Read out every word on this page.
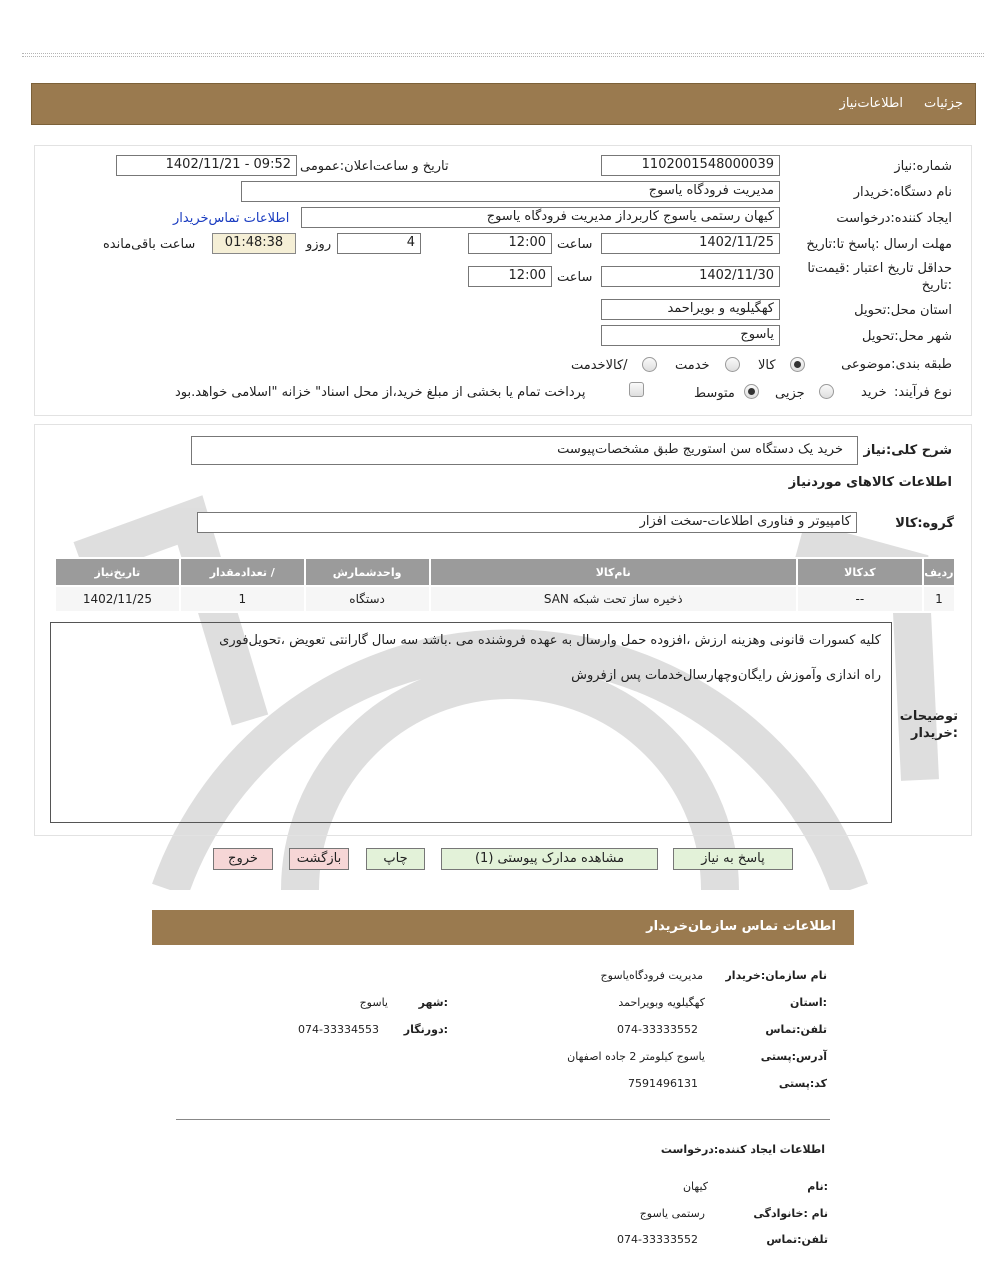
جزئیات
اطلاعات‌نیاز
شماره:نیاز
1102001548000039
تاریخ و ساعت‌اعلان:عمومی
1402/11/21 - 09:52
نام دستگاه:خریدار
مدیریت فرودگاه یاسوج
ایجاد کننده:درخواست
کیهان رستمی یاسوج کاربرداز مدیریت فرودگاه یاسوج
اطلاعات تماس‌خریدار
مهلت ارسال :پاسخ تا:تاریخ
1402/11/25
ساعت
12:00
4
روزو
01:48:38
ساعت باقی‌مانده
حداقل تاریخ اعتبار :قیمت‌تا :تاریخ
1402/11/30
ساعت
12:00
استان محل:تحویل
کهگیلویه و بویراحمد
شهر محل:تحویل
یاسوج
طبقه بندی:موضوعی
کالا
خدمت
/کالاخدمت
نوع فرآیند:
خرید
جزیی
متوسط
پرداخت تمام یا بخشی از مبلغ خرید،از محل اسناد" خزانه "اسلامی خواهد.بود
شرح کلی:نیاز
خرید یک دستگاه سن استوریج طبق مشخصات‌پیوست
اطلاعات کالاهای موردنیاز
گروه:کالا
کامپیوتر و فناوری اطلاعات-سخت افزار
ردیف	کدکالا	نام‌کالا	واحدشمارش	/ تعدادمقدار	تاریخ‌نیاز
1	--	ذخیره ساز تحت شبکه SAN	دستگاه	1	1402/11/25
کلیه کسورات قانونی وهزینه ارزش ،افزوده حمل وارسال به عهده فروشنده می .باشد سه سال گارانتی تعویض ،تحویل‌فوری
راه اندازی وآموزش رایگان‌وچهارسال‌خدمات پس ازفروش
توضیحات :خریدار
پاسخ به نیاز
مشاهده مدارک پیوستی (1)
چاپ
بازگشت
خروج
اطلاعات تماس سازمان‌خریدار
نام سازمان:خریدار
مدیریت فرودگاه‌یاسوج
:استان
کهگیلویه وبویراحمد
:شهر
یاسوج
تلفن:تماس
074-33333552
:دورنگار
074-33334553
آدرس:پستی
یاسوج کیلومتر 2 جاده اصفهان
کد:پستی
7591496131
اطلاعات ایجاد کننده:درخواست
:نام
کیهان
نام :خانوادگی
رستمی یاسوج
تلفن:تماس
074-33333552
